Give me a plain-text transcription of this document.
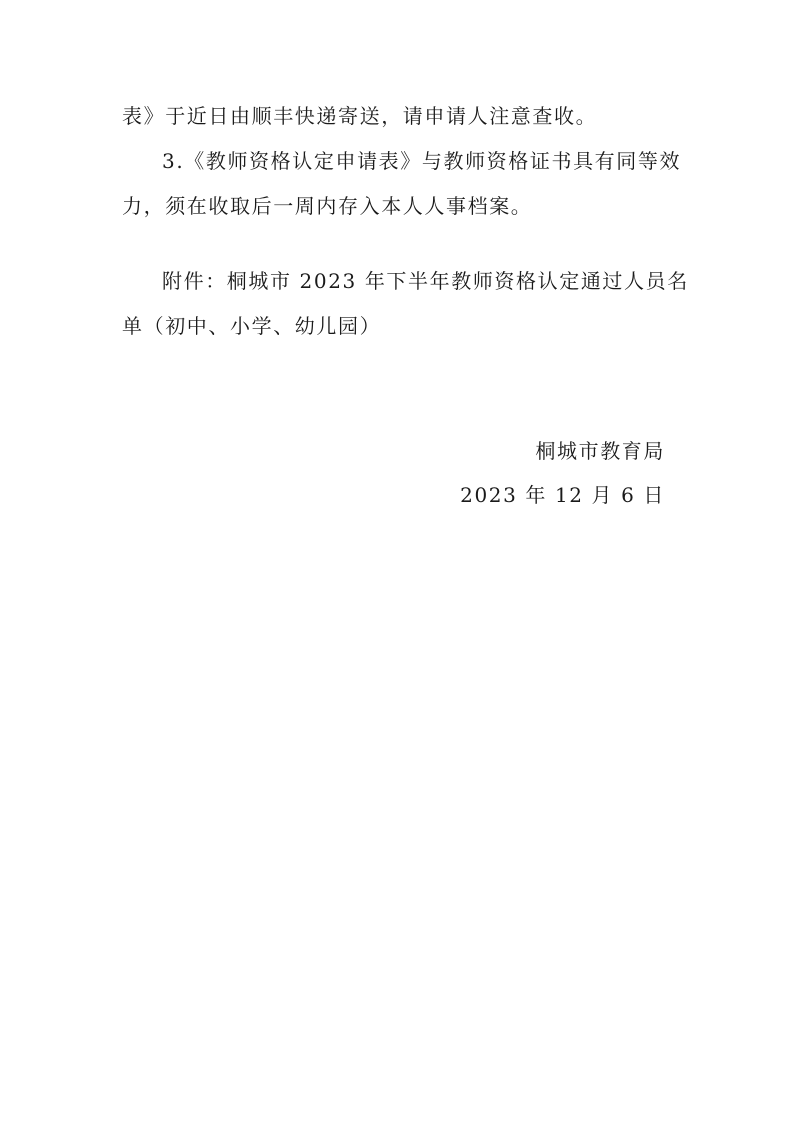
表》于近日由顺丰快递寄送，请申请人注意查收。
3.《教师资格认定申请表》与教师资格证书具有同等效
力，须在收取后一周内存入本人人事档案。
附件：桐城市 2023 年下半年教师资格认定通过人员名
单（初中、小学、幼儿园）
桐城市教育局
2023 年 12 月 6 日
